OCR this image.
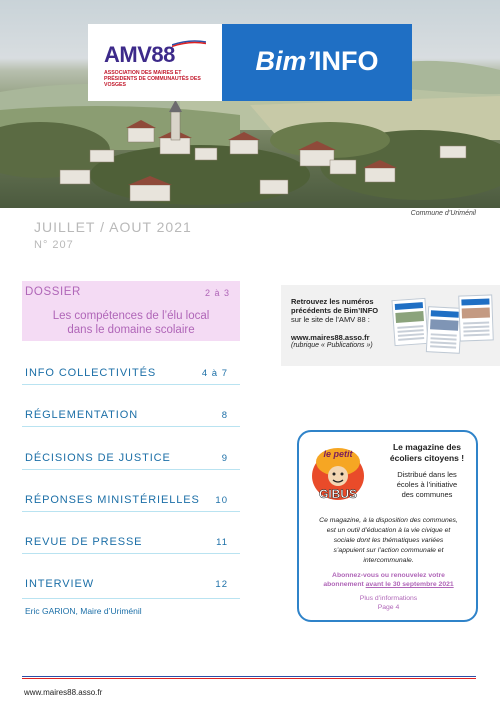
AMV88
ASSOCIATION DES MAIRES ET PRÉSIDENTS DE COMMUNAUTÉS DES VOSGES
Bim’INFO
Commune d’Uriménil
JUILLET / AOUT 2021
N° 207
DOSSIER	2 à 3
Les compétences de l’élu local
dans le domaine scolaire
INFO COLLECTIVITÉS	4 à 7
RÉGLEMENTATION	8
DÉCISIONS DE JUSTICE	9
RÉPONSES MINISTÉRIELLES 10
REVUE DE PRESSE	11
INTERVIEW	12
Eric GARION, Maire d’Uriménil
Retrouvez les numéros
précédents de Bim’INFO
sur le site de l’AMV 88 :
www.maires88.asso.fr
(rubrique « Publications »)
le petit
GIBUS
Le magazine des
écoliers citoyens !
Distribué dans les
écoles à l’initiative
des communes
Ce magazine, à la disposition des communes,
est un outil d’éducation à la vie civique et
sociale dont les thématiques variées
s’appuient sur l’action communale et
intercommunale.
Abonnez-vous ou renouvelez votre
abonnement avant le 30 septembre 2021
Plus d’informations
Page 4
www.maires88.asso.fr
